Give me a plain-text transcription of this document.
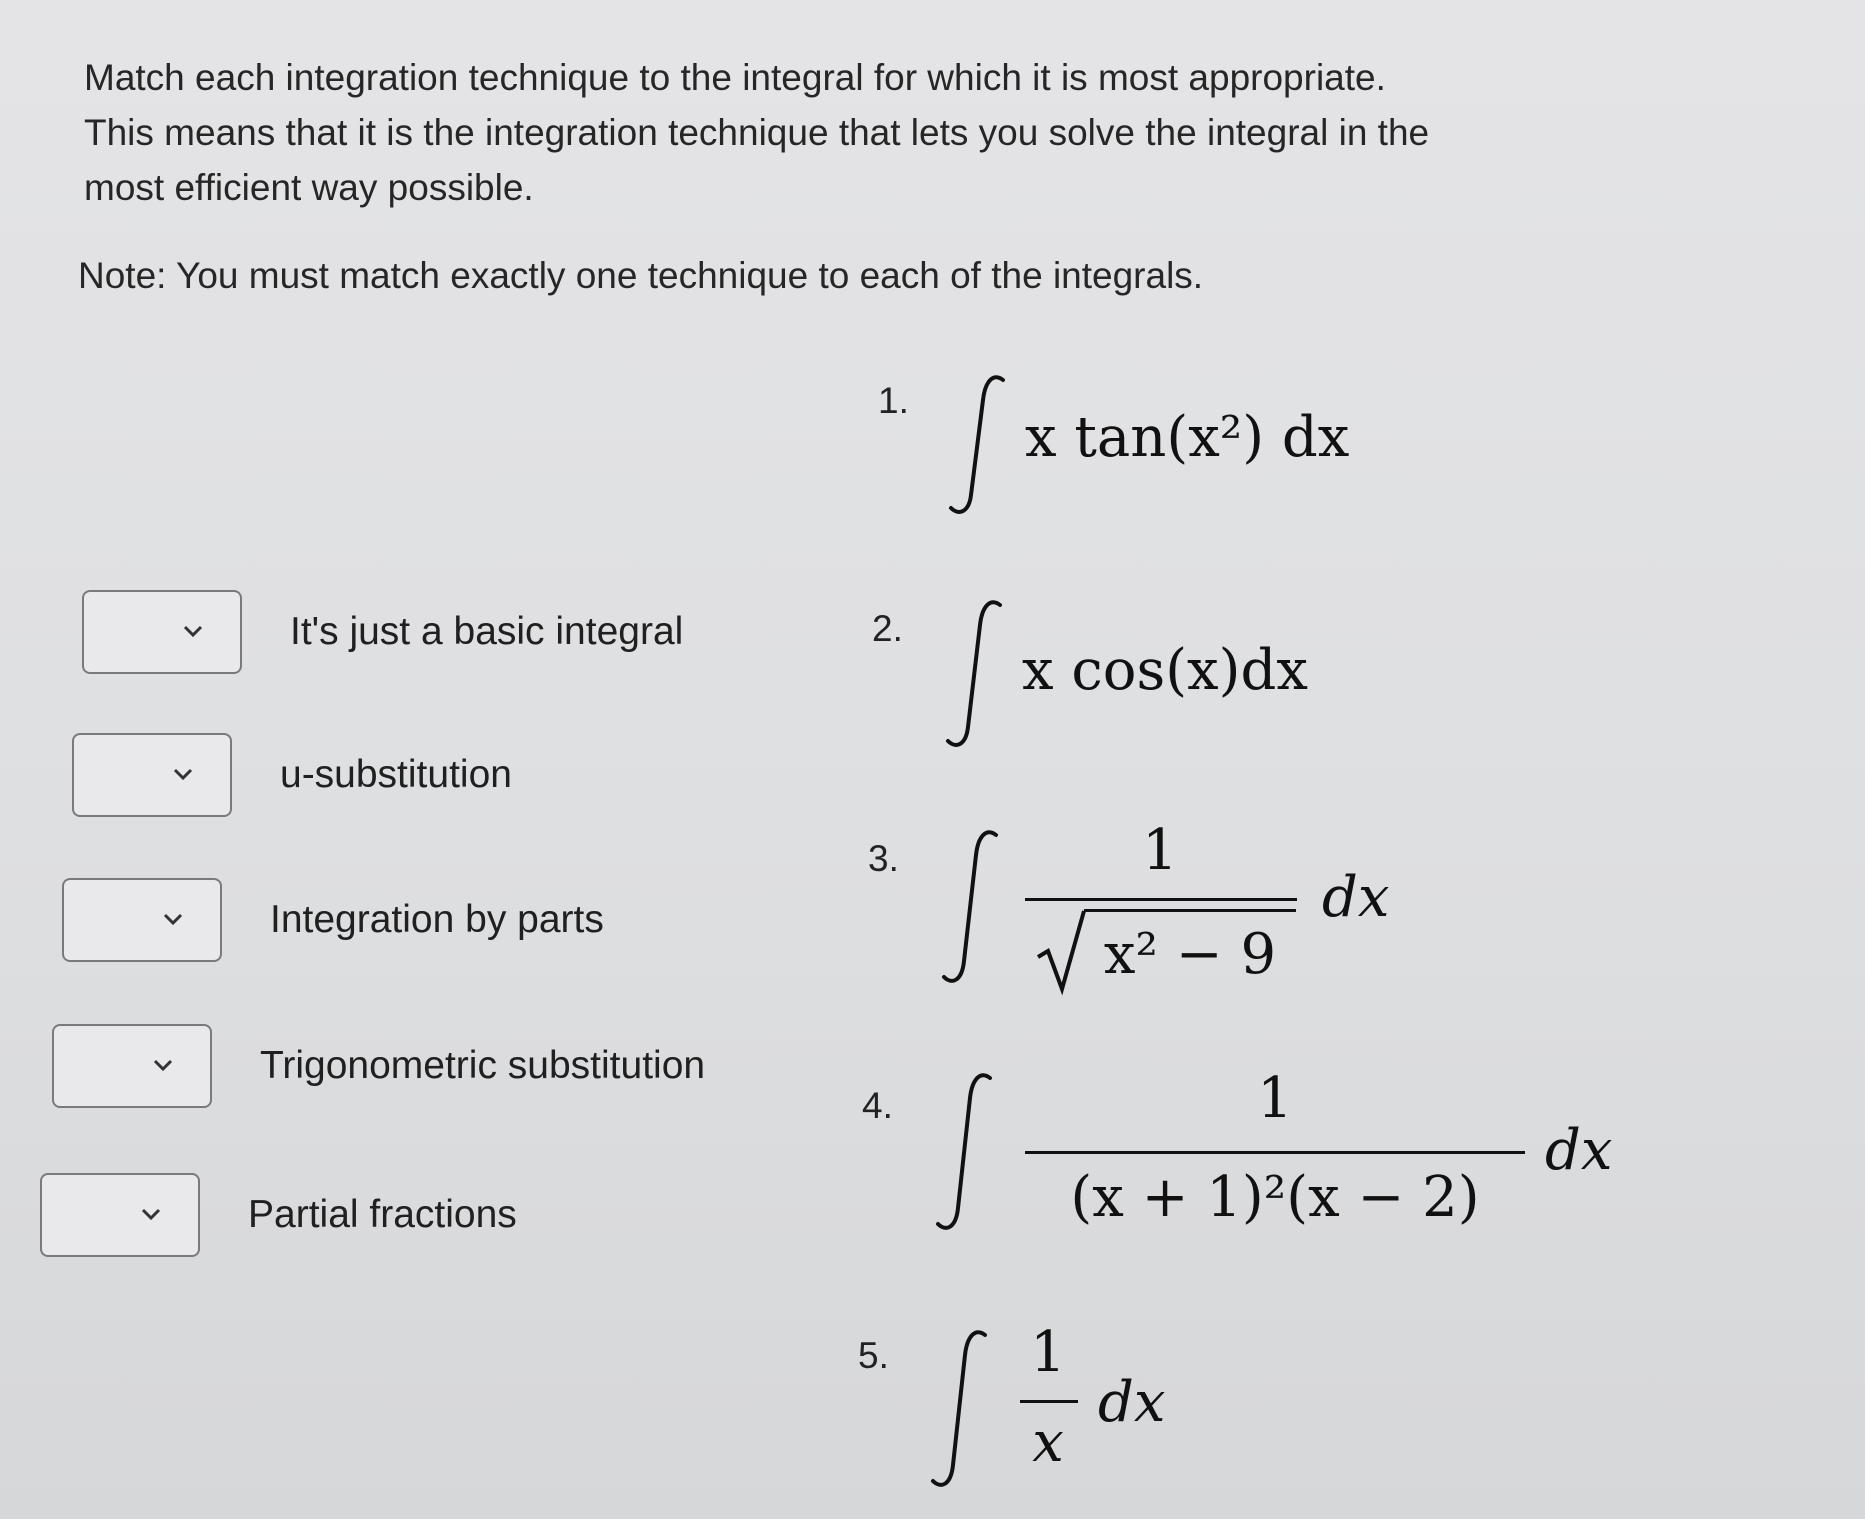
Match each integration technique to the integral for which it is most appropriate.
This means that it is the integration technique that lets you solve the integral in the
most efficient way possible.
Note: You must match exactly one technique to each of the integrals.
It's just a basic integral
u-substitution
Integration by parts
Trigonometric substitution
Partial fractions
1.
x tan(x²) dx
2.
x cos(x)dx
3.	1
x² − 9
dx
4.	1
(x + 1)²(x − 2)
dx
5.	1
x
dx
